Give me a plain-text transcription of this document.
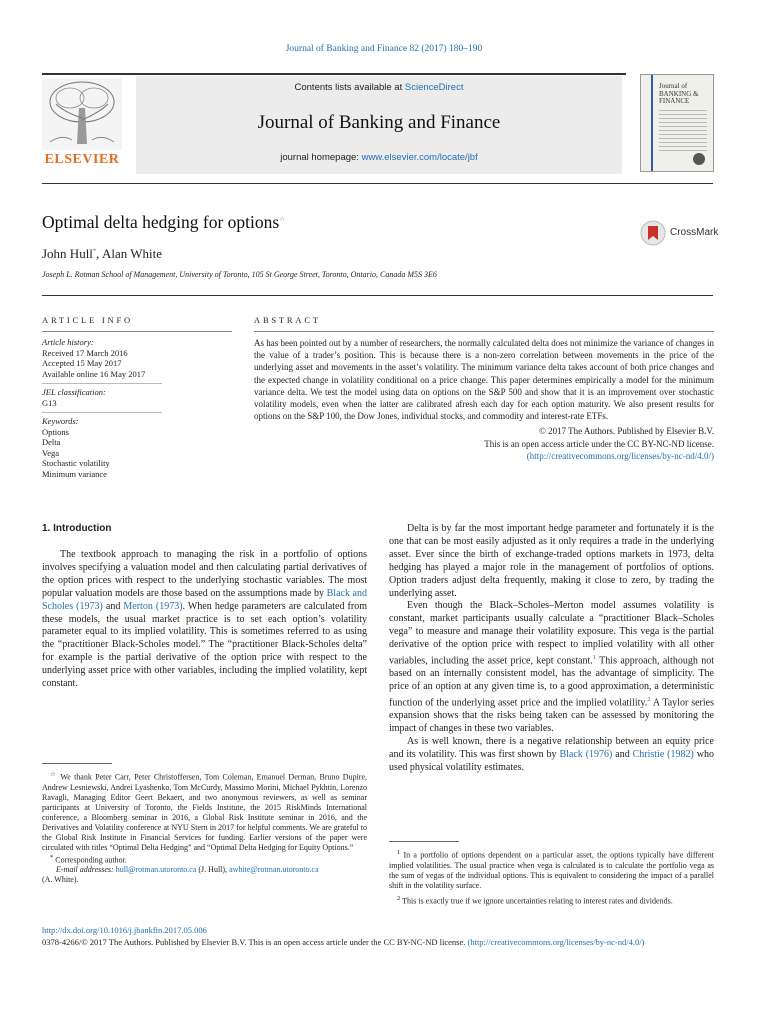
Journal of Banking and Finance 82 (2017) 180–190
ELSEVIER
Contents lists available at ScienceDirect
Journal of Banking and Finance
journal homepage: www.elsevier.com/locate/jbf
Journal of BANKING & FINANCE
Optimal delta hedging for options☆
John Hull*, Alan White
Joseph L. Rotman School of Management, University of Toronto, 105 St George Street, Toronto, Ontario, Canada M5S 3E6
CrossMark
ARTICLE INFO
Article history:
Received 17 March 2016
Accepted 15 May 2017
Available online 16 May 2017
JEL classification:
G13
Keywords:
Options
Delta
Vega
Stochastic volatility
Minimum variance
ABSTRACT

As has been pointed out by a number of researchers, the normally calculated delta does not minimize the variance of changes in the value of a trader’s position. This is because there is a non-zero correlation between movements in the price of the underlying asset and movements in the asset’s volatility. The minimum variance delta takes account of both price changes and the expected change in volatility conditional on a price change. This paper determines empirically a model for the minimum variance delta. We test the model using data on options on the S&P 500 and show that it is an improvement over stochastic volatility models, even when the latter are calibrated afresh each day for each option maturity. We also present results for options on the S&P 100, the Dow Jones, individual stocks, and commodity and interest-rate ETFs.

© 2017 The Authors. Published by Elsevier B.V.

This is an open access article under the CC BY-NC-ND license.

(http://creativecommons.org/licenses/by-nc-nd/4.0/)

1. Introduction

The textbook approach to managing the risk in a portfolio of options involves specifying a valuation model and then calculating partial derivatives of the option prices with respect to the underlying stochastic variables. The most popular valuation models are those based on the assumptions made by Black and Scholes (1973) and Merton (1973). When hedge parameters are calculated from these models, the usual market practice is to set each option’s volatility parameter equal to its implied volatility. This is sometimes referred to as using the “practitioner Black-Scholes model.” The “practitioner Black-Scholes delta” for example is the partial derivative of the option price with respect to the underlying asset price with other variables, including the implied volatility, kept constant.

☆ We thank Peter Carr, Peter Christoffersen, Tom Coleman, Emanuel Derman, Bruno Dupire, Andrew Lesniewski, Andrei Lyashenko, Tom McCurdy, Massimo Morini, Michael Pykhtin, Lorenzo Ravagli, Managing Editor Geert Bekaert, and two anonymous reviewers, as well as seminar participants at University of Toronto, the Fields Institute, the 2015 RiskMinds International conference, a Bloomberg seminar in 2016, a Global Risk Institute seminar in 2016, and the Derivatives and Volatility conference at NYU Stern in 2017 for helpful comments. We are grateful to the Global Risk Institute in Financial Services for funding. Earlier versions of the paper were circulated with titles “Optimal Delta Hedging” and “Optimal Delta Hedging for Equity Options.”

* Corresponding author.

E-mail addresses: hull@rotman.utoronto.ca (J. Hull), awhite@rotman.utoronto.ca
(A. White).

Delta is by far the most important hedge parameter and fortunately it is the one that can be most easily adjusted as it only requires a trade in the underlying asset. Ever since the birth of exchange-traded options markets in 1973, delta hedging has played a major role in the management of portfolios of options. Option traders adjust delta frequently, making it close to zero, by trading the underlying asset.

Even though the Black–Scholes–Merton model assumes volatility is constant, market participants usually calculate a “practitioner Black–Scholes vega” to measure and manage their volatility exposure. This vega is the partial derivative of the option price with respect to implied volatility with all other variables, including the asset price, kept constant.$^1$ This approach, although not based on an internally consistent model, has the advantage of simplicity. The price of an option at any given time is, to a good approximation, a deterministic function of the underlying asset price and the implied volatility.$^2$ A Taylor series expansion shows that the risks being taken can be assessed by monitoring the impact of changes in these two variables.

As is well known, there is a negative relationship between an equity price and its volatility. This was first shown by Black (1976) and Christie (1982) who used physical volatility estimates.

$^1$ In a portfolio of options dependent on a particular asset, the options typically have different implied volatilities. The usual practice when vega is calculated is to calculate the portfolio vega as the sum of vegas of the individual options. This is equivalent to considering the impact of a parallel shift in the volatility surface.

$^2$ This is exactly true if we ignore uncertainties relating to interest rates and dividends.

http://dx.doi.org/10.1016/j.jbankfin.2017.05.006
0378-4266/© 2017 The Authors. Published by Elsevier B.V. This is an open access article under the CC BY-NC-ND license. (http://creativecommons.org/licenses/by-nc-nd/4.0/)
